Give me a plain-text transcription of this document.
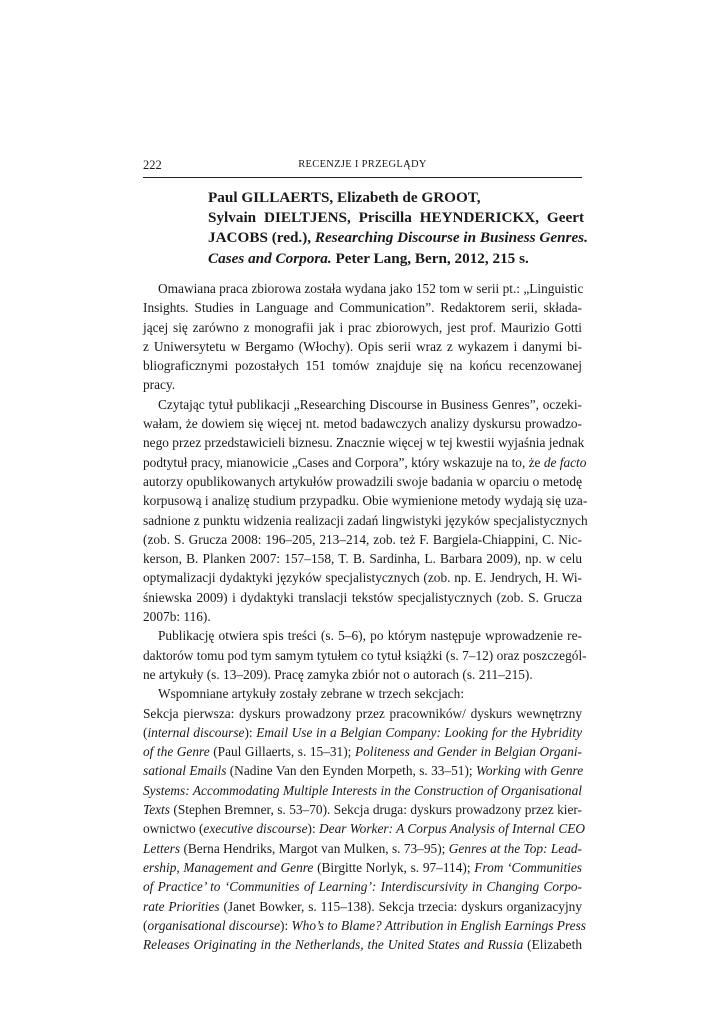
222	RECENZJE I PRZEGLĄDY
Paul GILLAERTS, Elizabeth de GROOT,
Sylvain DIELTJENS, Priscilla HEYNDERICKX, Geert
JACOBS (red.), Researching Discourse in Business Genres.
Cases and Corpora. Peter Lang, Bern, 2012, 215 s.
Omawiana praca zbiorowa została wydana jako 152 tom w serii pt.: „Linguistic
Insights. Studies in Language and Communication”. Redaktorem serii, składa-
jącej się zarówno z monografii jak i prac zbiorowych, jest prof. Maurizio Gotti
z Uniwersytetu w Bergamo (Włochy). Opis serii wraz z wykazem i danymi bi-
bliograficznymi pozostałych 151 tomów znajduje się na końcu recenzowanej
pracy.
Czytając tytuł publikacji „Researching Discourse in Business Genres”, oczeki-
wałam, że dowiem się więcej nt. metod badawczych analizy dyskursu prowadzo-
nego przez przedstawicieli biznesu. Znacznie więcej w tej kwestii wyjaśnia jednak
podtytuł pracy, mianowicie „Cases and Corpora”, który wskazuje na to, że de facto
autorzy opublikowanych artykułów prowadzili swoje badania w oparciu o metodę
korpusową i analizę studium przypadku. Obie wymienione metody wydają się uza-
sadnione z punktu widzenia realizacji zadań lingwistyki języków specjalistycznych
(zob. S. Grucza 2008: 196–205, 213–214, zob. też F. Bargiela-Chiappini, C. Nic-
kerson, B. Planken 2007: 157–158, T. B. Sardinha, L. Barbara 2009), np. w celu
optymalizacji dydaktyki języków specjalistycznych (zob. np. E. Jendrych, H. Wi-
śniewska 2009) i dydaktyki translacji tekstów specjalistycznych (zob. S. Grucza
2007b: 116).
Publikację otwiera spis treści (s. 5–6), po którym następuje wprowadzenie re-
daktorów tomu pod tym samym tytułem co tytuł książki (s. 7–12) oraz poszczegól-
ne artykuły (s. 13–209). Pracę zamyka zbiór not o autorach (s. 211–215).
Wspomniane artykuły zostały zebrane w trzech sekcjach:
Sekcja pierwsza: dyskurs prowadzony przez pracowników/ dyskurs wewnętrzny
(internal discourse): Email Use in a Belgian Company: Looking for the Hybridity
of the Genre (Paul Gillaerts, s. 15–31); Politeness and Gender in Belgian Organi-
sational Emails (Nadine Van den Eynden Morpeth, s. 33–51); Working with Genre
Systems: Accommodating Multiple Interests in the Construction of Organisational
Texts (Stephen Bremner, s. 53–70). Sekcja druga: dyskurs prowadzony przez kier-
ownictwo (executive discourse): Dear Worker: A Corpus Analysis of Internal CEO
Letters (Berna Hendriks, Margot van Mulken, s. 73–95); Genres at the Top: Lead-
ership, Management and Genre (Birgitte Norlyk, s. 97–114); From ‘Communities
of Practice’ to ‘Communities of Learning’: Interdiscursivity in Changing Corpo-
rate Priorities (Janet Bowker, s. 115–138). Sekcja trzecia: dyskurs organizacyjny
(organisational discourse): Who’s to Blame? Attribution in English Earnings Press
Releases Originating in the Netherlands, the United States and Russia (Elizabeth
